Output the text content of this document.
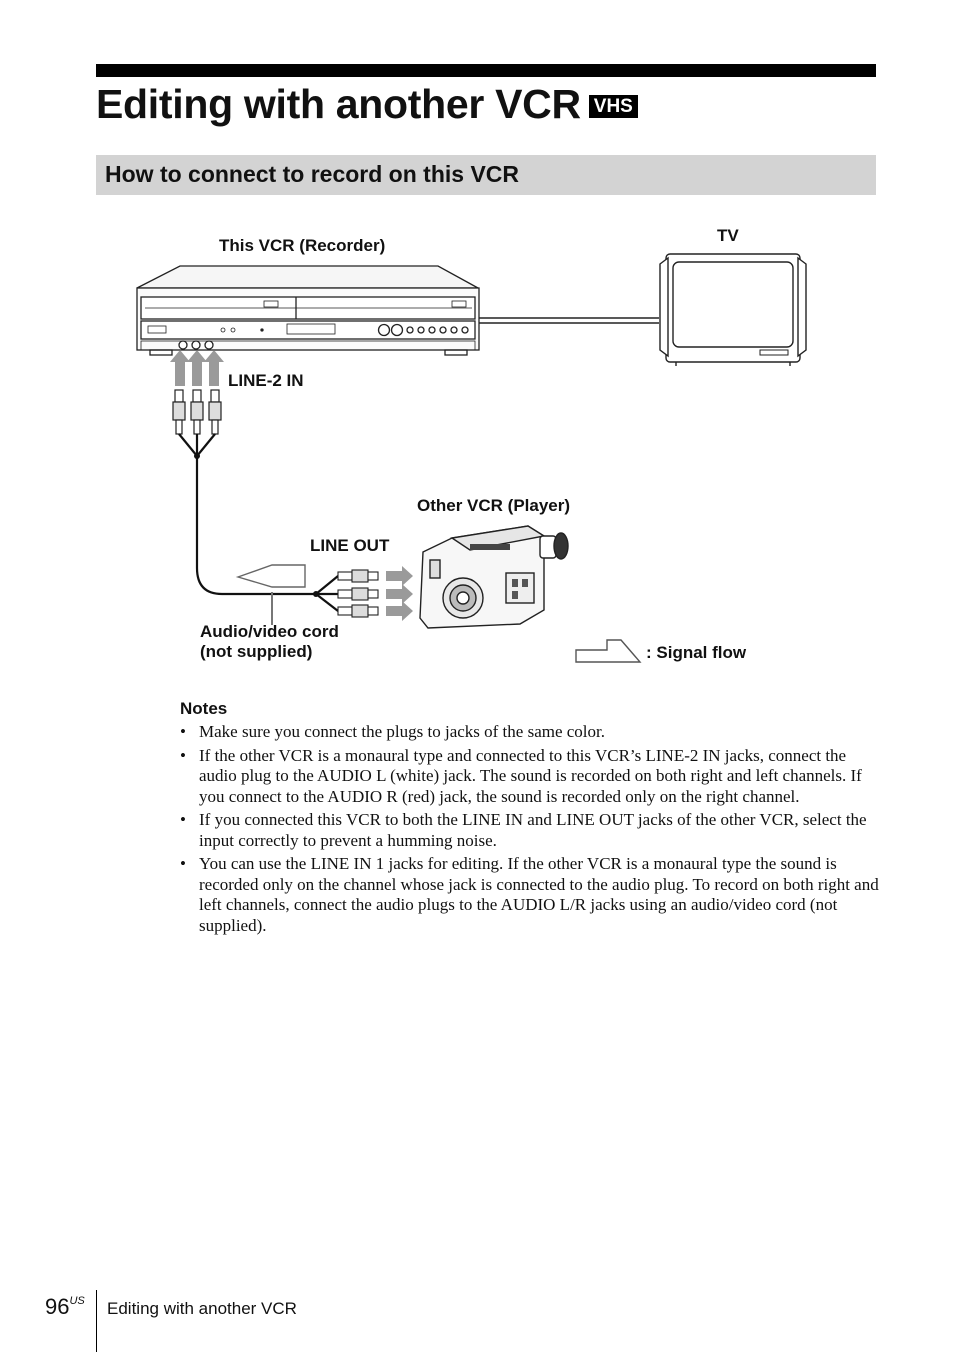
Editing with another VCR VHS
How to connect to record on this VCR
This VCR (Recorder)
TV
LINE-2 IN
Other VCR (Player)
LINE OUT
Audio/video cord
(not supplied)	: Signal flow
Notes
• Make sure you connect the plugs to jacks of the same color.
• If the other VCR is a monaural type and connected to this VCR’s LINE-2 IN jacks, connect the audio plug to the AUDIO L (white) jack. The sound is recorded on both right and left channels. If you connect to the AUDIO R (red) jack, the sound is recorded only on the right channel.
• If you connected this VCR to both the LINE IN and LINE OUT jacks of the other VCR, select the input correctly to prevent a humming noise.
• You can use the LINE IN 1 jacks for editing. If the other VCR is a monaural type the sound is recorded only on the channel whose jack is connected to the audio plug. To record on both right and left channels, connect the audio plugs to the AUDIO L/R jacks using an audio/video cord (not supplied).
$96^{US}$ Editing with another VCR
